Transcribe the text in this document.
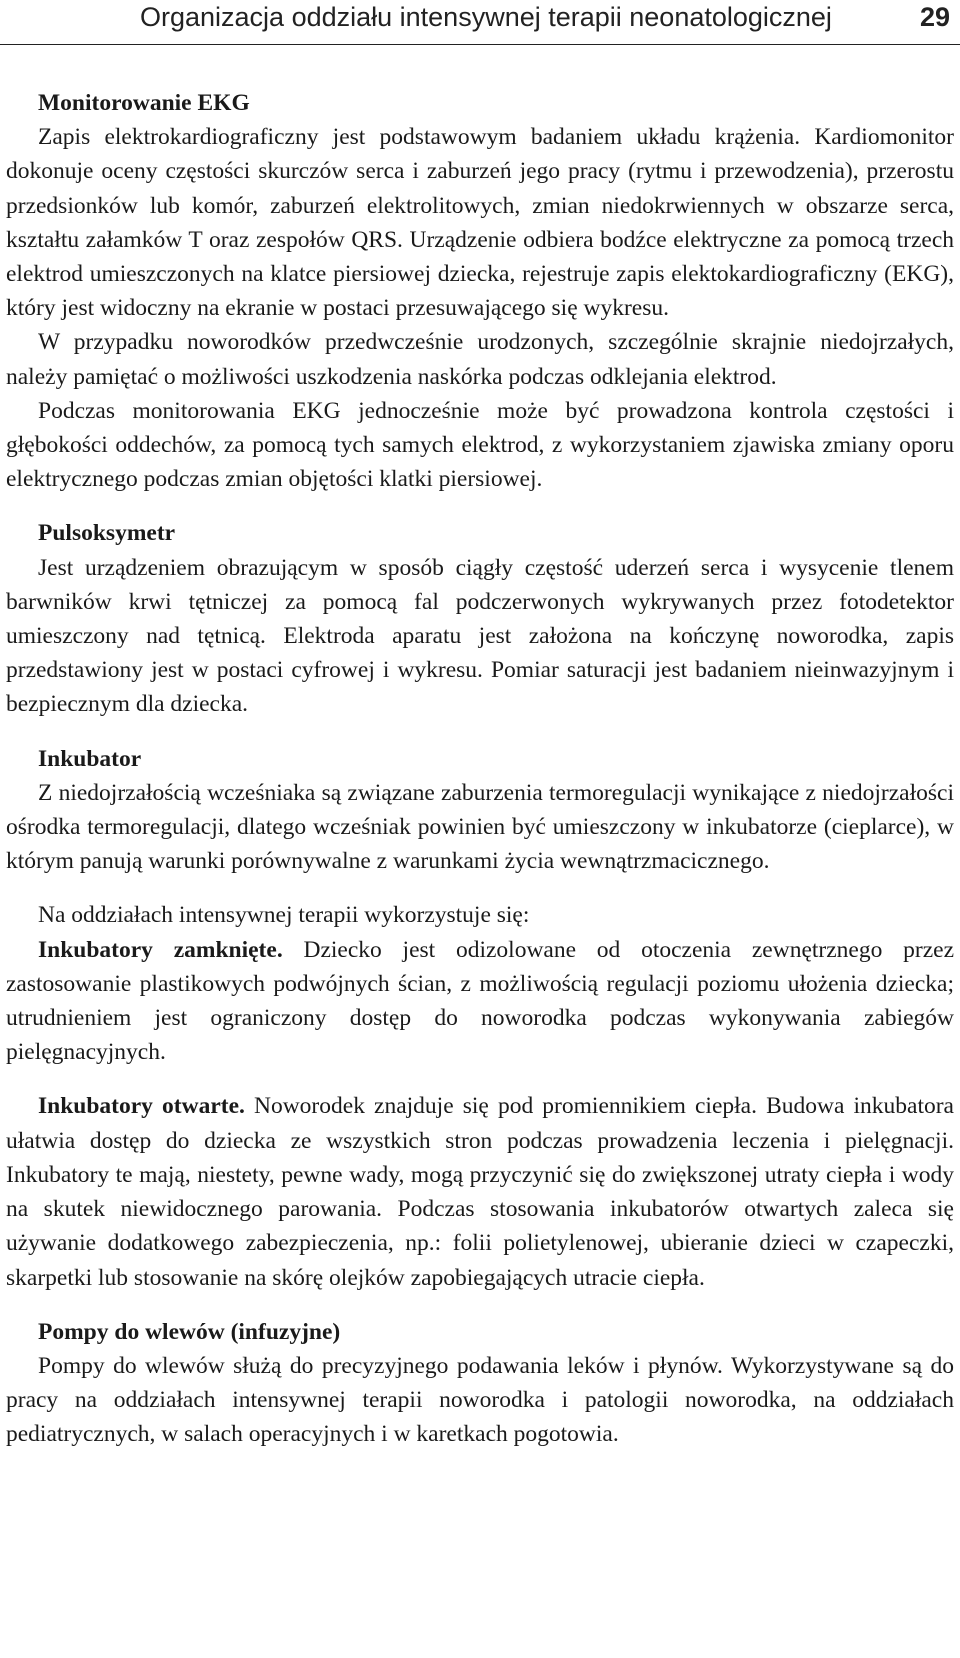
Organizacja oddziału intensywnej terapii neonatologicznej	29
Monitorowanie EKG

Zapis elektrokardiograficzny jest podstawowym badaniem układu krążenia. Kardiomonitor dokonuje oceny częstości skurczów serca i zaburzeń jego pracy (rytmu i przewodzenia), przerostu przedsionków lub komór, zaburzeń elektrolitowych, zmian niedokrwiennych w obszarze serca, kształtu załamków T oraz zespołów QRS. Urządzenie odbiera bodźce elektryczne za pomocą trzech elektrod umieszczonych na klatce piersiowej dziecka, rejestruje zapis elektokardiograficzny (EKG), który jest widoczny na ekranie w postaci przesuwającego się wykresu.

W przypadku noworodków przedwcześnie urodzonych, szczególnie skrajnie niedojrzałych, należy pamiętać o możliwości uszkodzenia naskórka podczas odklejania elektrod.

Podczas monitorowania EKG jednocześnie może być prowadzona kontrola częstości i głębokości oddechów, za pomocą tych samych elektrod, z wykorzystaniem zjawiska zmiany oporu elektrycznego podczas zmian objętości klatki piersiowej.

Pulsoksymetr

Jest urządzeniem obrazującym w sposób ciągły częstość uderzeń serca i wysycenie tlenem barwników krwi tętniczej za pomocą fal podczerwonych wykrywanych przez fotodetektor umieszczony nad tętnicą. Elektroda aparatu jest założona na kończynę noworodka, zapis przedstawiony jest w postaci cyfrowej i wykresu. Pomiar saturacji jest badaniem nieinwazyjnym i bezpiecznym dla dziecka.

Inkubator

Z niedojrzałością wcześniaka są związane zaburzenia termoregulacji wynikające z niedojrzałości ośrodka termoregulacji, dlatego wcześniak powinien być umieszczony w inkubatorze (cieplarce), w którym panują warunki porównywalne z warunkami życia wewnątrzmacicznego.

Na oddziałach intensywnej terapii wykorzystuje się:

Inkubatory zamknięte. Dziecko jest odizolowane od otoczenia zewnętrznego przez zastosowanie plastikowych podwójnych ścian, z możliwością regulacji poziomu ułożenia dziecka; utrudnieniem jest ograniczony dostęp do noworodka podczas wykonywania zabiegów pielęgnacyjnych.

Inkubatory otwarte. Noworodek znajduje się pod promiennikiem ciepła. Budowa inkubatora ułatwia dostęp do dziecka ze wszystkich stron podczas prowadzenia leczenia i pielęgnacji. Inkubatory te mają, niestety, pewne wady, mogą przyczynić się do zwiększonej utraty ciepła i wody na skutek niewidocznego parowania. Podczas stosowania inkubatorów otwartych zaleca się używanie dodatkowego zabezpieczenia, np.: folii polietylenowej, ubieranie dzieci w czapeczki, skarpetki lub stosowanie na skórę olejków zapobiegających utracie ciepła.

Pompy do wlewów (infuzyjne)

Pompy do wlewów służą do precyzyjnego podawania leków i płynów. Wykorzystywane są do pracy na oddziałach intensywnej terapii noworodka i patologii noworodka, na oddziałach pediatrycznych, w salach operacyjnych i w karetkach pogotowia.
